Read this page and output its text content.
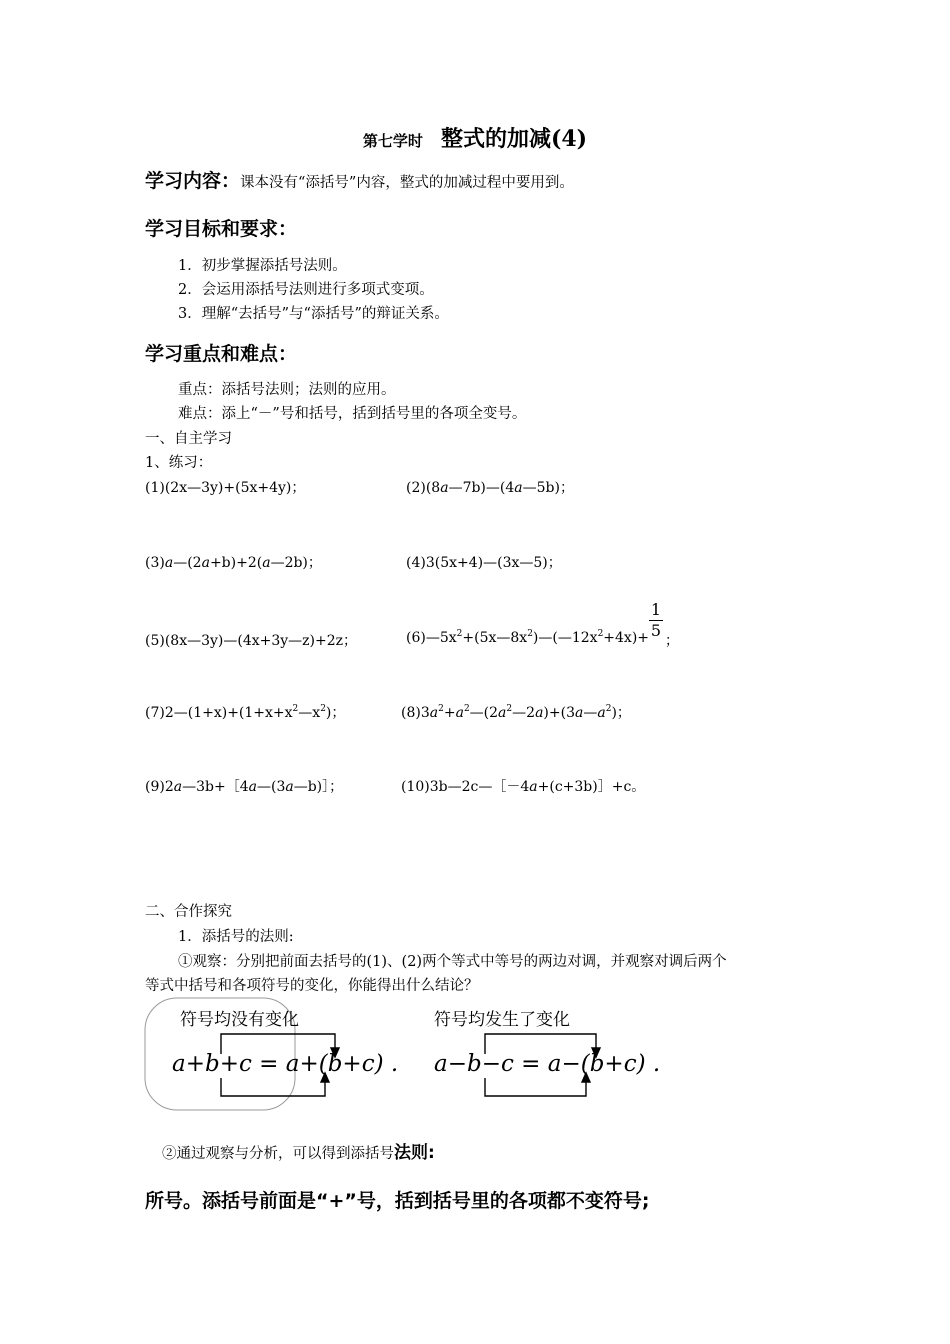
第七学时 整式的加减(4)
学习内容：课本没有“添括号”内容，整式的加减过程中要用到。
学习目标和要求：
1．初步掌握添括号法则。
2．会运用添括号法则进行多项式变项。
3．理解“去括号”与“添括号”的辩证关系。
学习重点和难点：
重点：添括号法则；法则的应用。
难点：添上“－”号和括号，括到括号里的各项全变号。
一、自主学习
1、练习：
(1)(2x—3y)+(5x+4y)；	(2)(8a—7b)—(4a—5b)；
(3)a—(2a+b)+2(a—2b)；	(4)3(5x+4)—(3x—5)；
(5)(8x—3y)—(4x+3y—z)+2z；	$(6)—5x^2+(5x—8x^2)—(—12x^2+4x)+ \frac{1}{5}$
；
$(7)2—(1+x)+(1+x+x^2—x^2)$；	$(8)3a^2+a^2—(2a^2—2a)+(3a—a^2)$；
(9)2a—3b+［4a—(3a—b)］；	(10)3b—2c—［－4a+(c+3b)］+c。
二、合作探究
1．添括号的法则:
①观察：分别把前面去括号的(1)、(2)两个等式中等号的两边对调，并观察对调后两个
等式中括号和各项符号的变化，你能得出什么结论？
符号均没有变化	符号均发生了变化
a+b+c = a+(b+c) . a−b−c = a−(b+c) .
②通过观察与分析，可以得到添括号法则:
所号。添括号前面是“+”号，括到括号里的各项都不变符号;
